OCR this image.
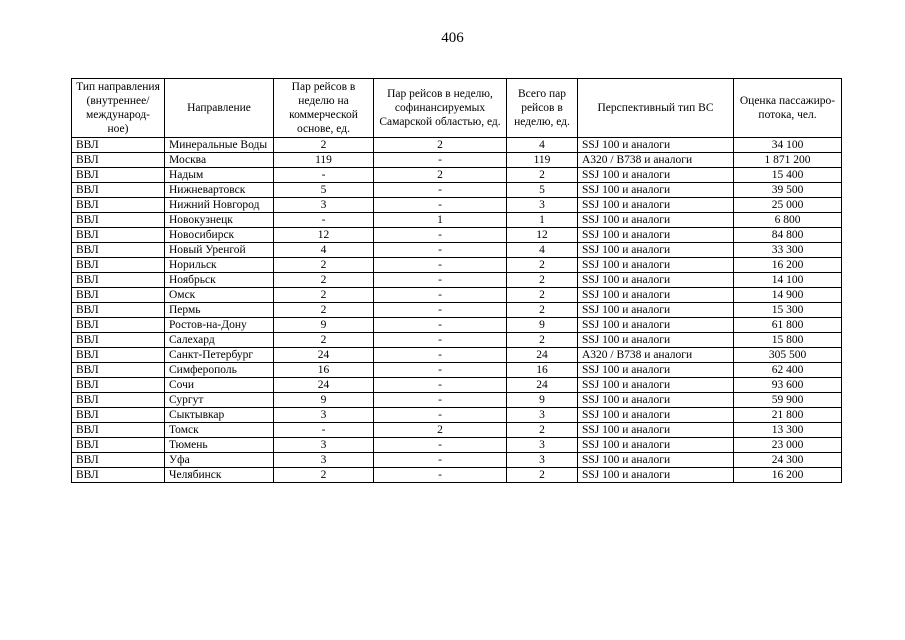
406
Тип направления (внутреннее/ международ-ное)	Направление	Пар рейсов в неделю на коммерческой основе, ед.	Пар рейсов в неделю, софинансируемых Самарской областью, ед.	Всего пар рейсов в неделю, ед.	Перспективный тип ВС	Оценка пассажиро-потока, чел.
ВВЛ	Минеральные Воды	2	2	4	SSJ 100 и аналоги	34 100
ВВЛ	Москва	119	-	119	A320 / B738 и аналоги	1 871 200
ВВЛ	Надым	-	2	2	SSJ 100 и аналоги	15 400
ВВЛ	Нижневартовск	5	-	5	SSJ 100 и аналоги	39 500
ВВЛ	Нижний Новгород	3	-	3	SSJ 100 и аналоги	25 000
ВВЛ	Новокузнецк	-	1	1	SSJ 100 и аналоги	6 800
ВВЛ	Новосибирск	12	-	12	SSJ 100 и аналоги	84 800
ВВЛ	Новый Уренгой	4	-	4	SSJ 100 и аналоги	33 300
ВВЛ	Норильск	2	-	2	SSJ 100 и аналоги	16 200
ВВЛ	Ноябрьск	2	-	2	SSJ 100 и аналоги	14 100
ВВЛ	Омск	2	-	2	SSJ 100 и аналоги	14 900
ВВЛ	Пермь	2	-	2	SSJ 100 и аналоги	15 300
ВВЛ	Ростов-на-Дону	9	-	9	SSJ 100 и аналоги	61 800
ВВЛ	Салехард	2	-	2	SSJ 100 и аналоги	15 800
ВВЛ	Санкт-Петербург	24	-	24	A320 / B738 и аналоги	305 500
ВВЛ	Симферополь	16	-	16	SSJ 100 и аналоги	62 400
ВВЛ	Сочи	24	-	24	SSJ 100 и аналоги	93 600
ВВЛ	Сургут	9	-	9	SSJ 100 и аналоги	59 900
ВВЛ	Сыктывкар	3	-	3	SSJ 100 и аналоги	21 800
ВВЛ	Томск	-	2	2	SSJ 100 и аналоги	13 300
ВВЛ	Тюмень	3	-	3	SSJ 100 и аналоги	23 000
ВВЛ	Уфа	3	-	3	SSJ 100 и аналоги	24 300
ВВЛ	Челябинск	2	-	2	SSJ 100 и аналоги	16 200
